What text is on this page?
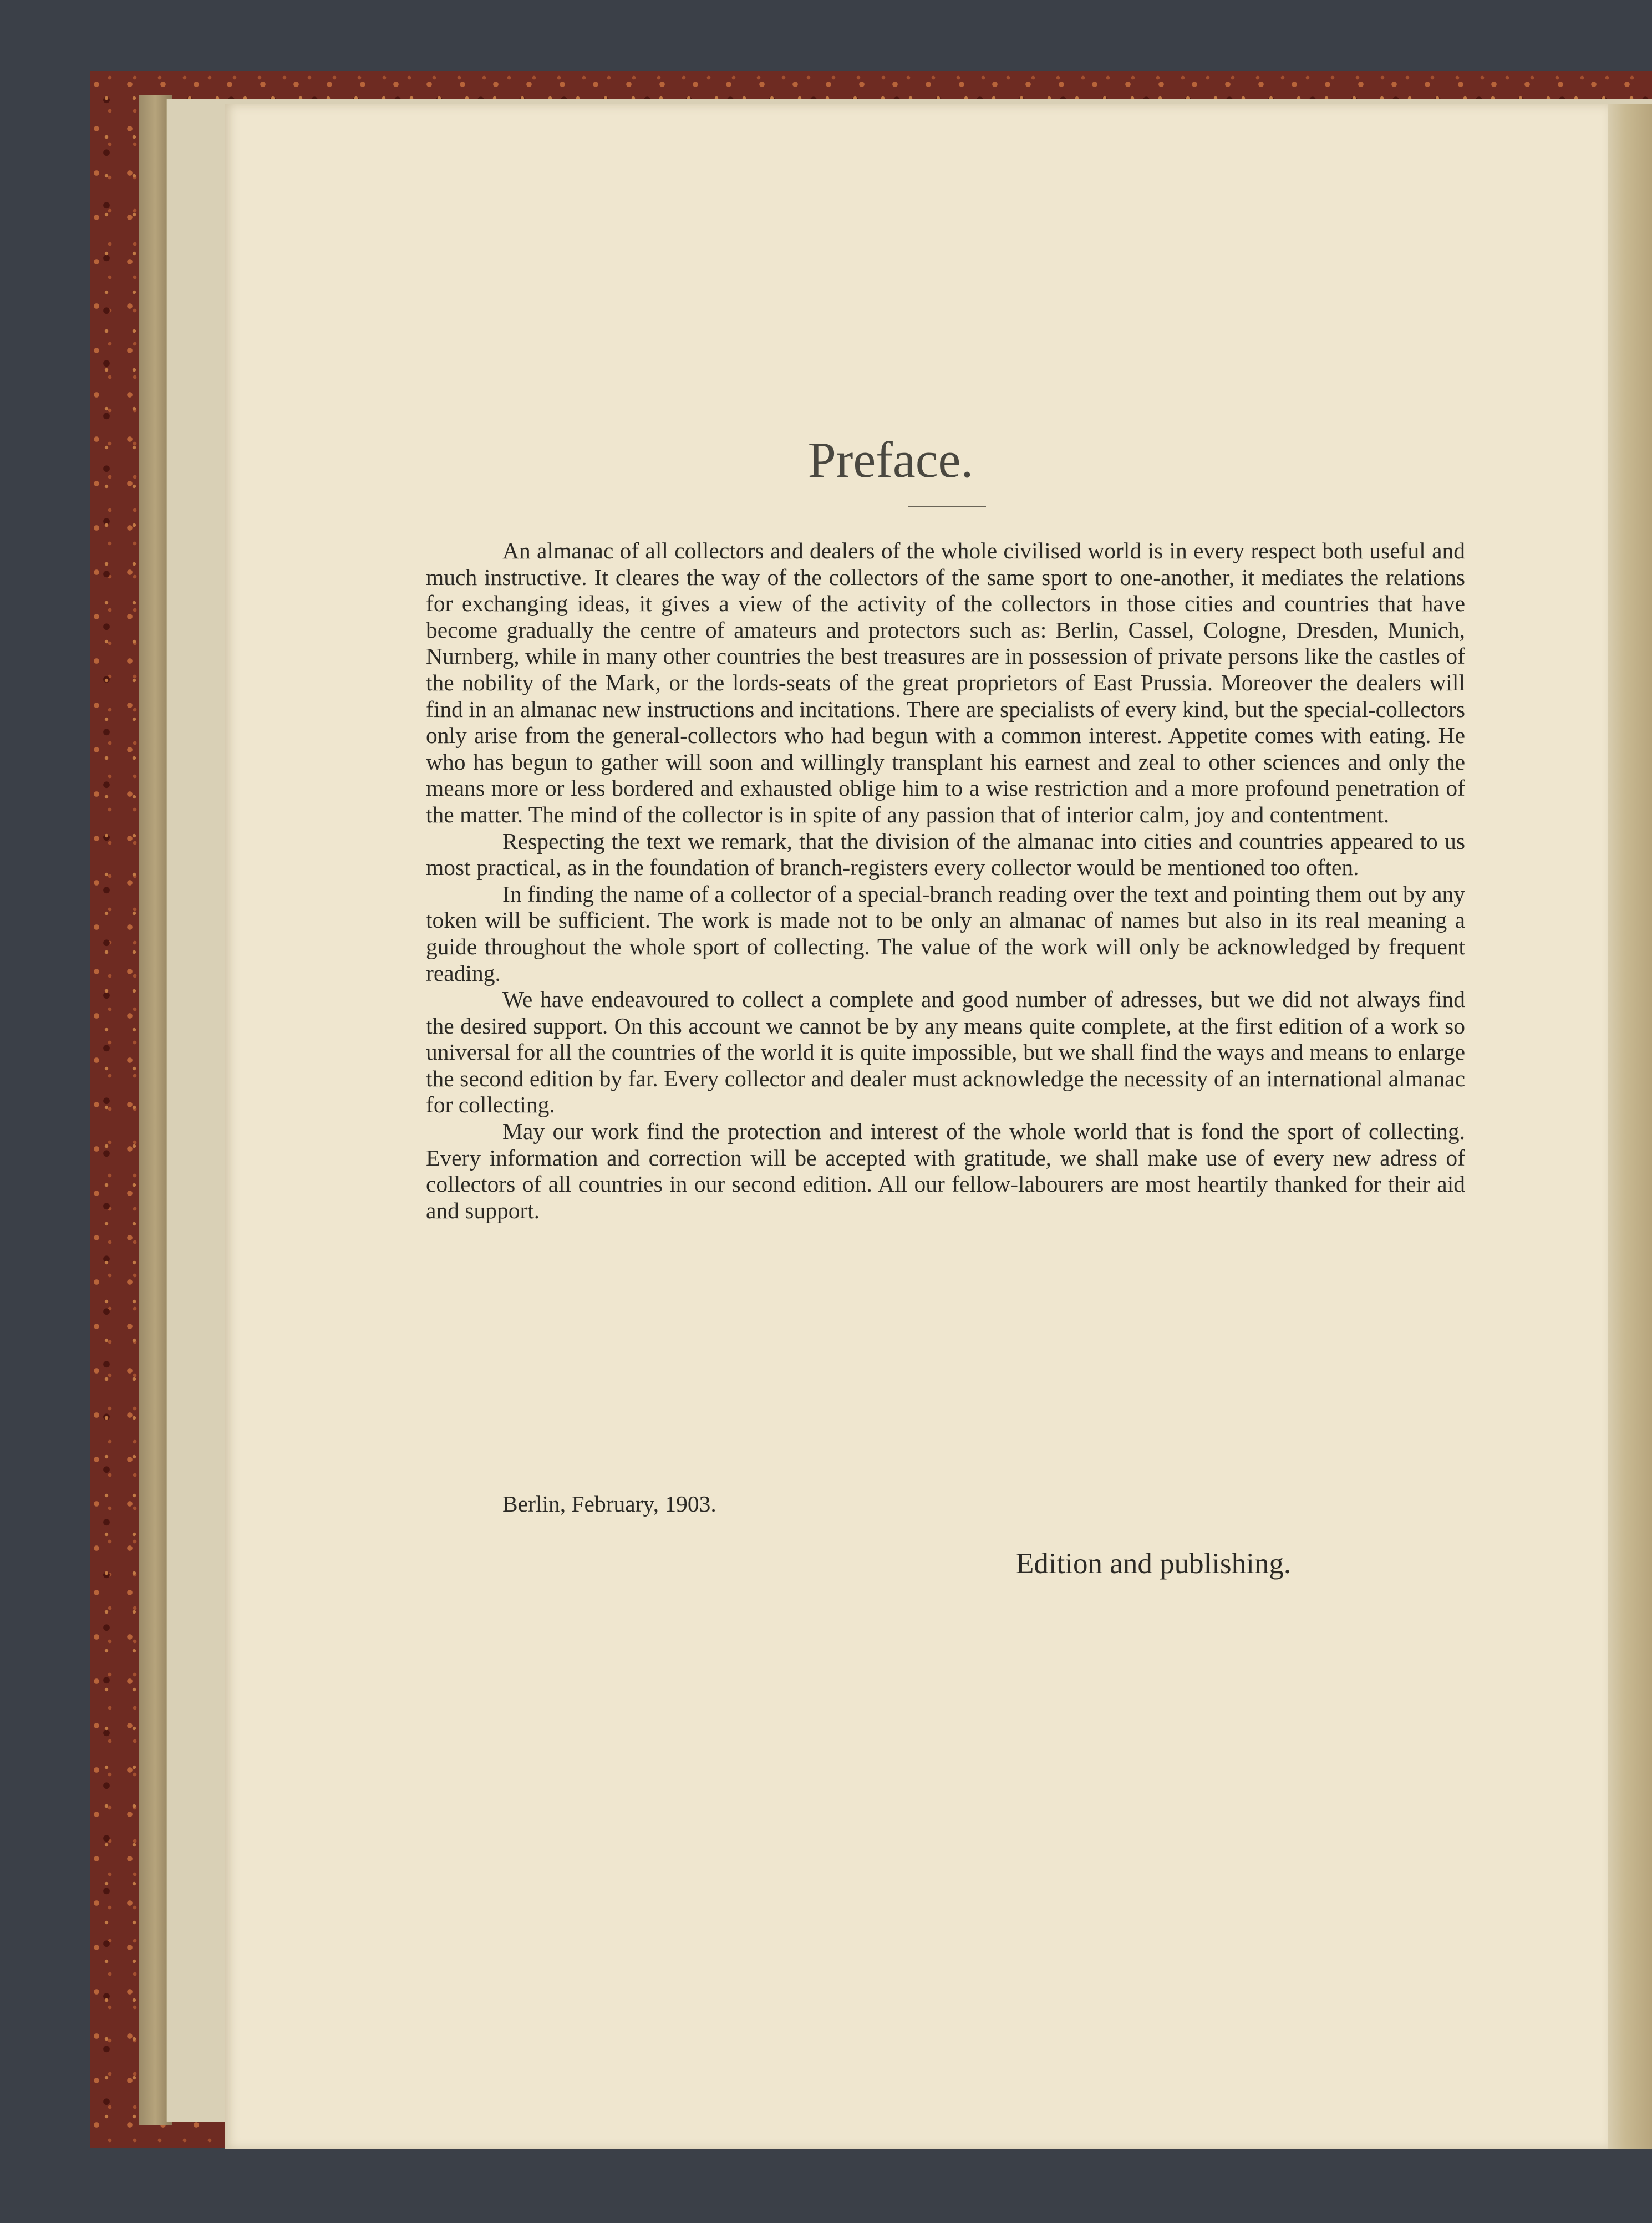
Preface.

An almanac of all collectors and dealers of the whole civilised world is in every respect both useful and much instructive. It cleares the way of the collectors of the same sport to one-another, it mediates the relations for exchanging ideas, it gives a view of the activity of the collectors in those cities and countries that have become gradually the centre of amateurs and protectors such as: Berlin, Cassel, Cologne, Dresden, Munich, Nurnberg, while in many other countries the best treasures are in possession of private persons like the castles of the nobility of the Mark, or the lords-seats of the great proprietors of East Prussia. Moreover the dealers will find in an almanac new instructions and incitations. There are specialists of every kind, but the special-collectors only arise from the general-collectors who had begun with a common interest. Appetite comes with eating. He who has begun to gather will soon and willingly transplant his earnest and zeal to other sciences and only the means more or less bordered and exhausted oblige him to a wise restriction and a more profound penetration of the matter. The mind of the collector is in spite of any passion that of interior calm, joy and contentment.

Respecting the text we remark, that the division of the almanac into cities and countries appeared to us most practical, as in the foundation of branch-registers every collector would be mentioned too often.

In finding the name of a collector of a special-branch reading over the text and pointing them out by any token will be sufficient. The work is made not to be only an almanac of names but also in its real meaning a guide throughout the whole sport of collecting. The value of the work will only be acknowledged by frequent reading.

We have endeavoured to collect a complete and good number of adresses, but we did not always find the desired support. On this account we cannot be by any means quite complete, at the first edition of a work so universal for all the countries of the world it is quite impossible, but we shall find the ways and means to enlarge the second edition by far. Every collector and dealer must acknowledge the necessity of an international almanac for collecting.

May our work find the protection and interest of the whole world that is fond the sport of collecting. Every information and correction will be accepted with gratitude, we shall make use of every new adress of collectors of all countries in our second edition. All our fellow-labourers are most heartily thanked for their aid and support.

Berlin, February, 1903.
Edition and publishing.
